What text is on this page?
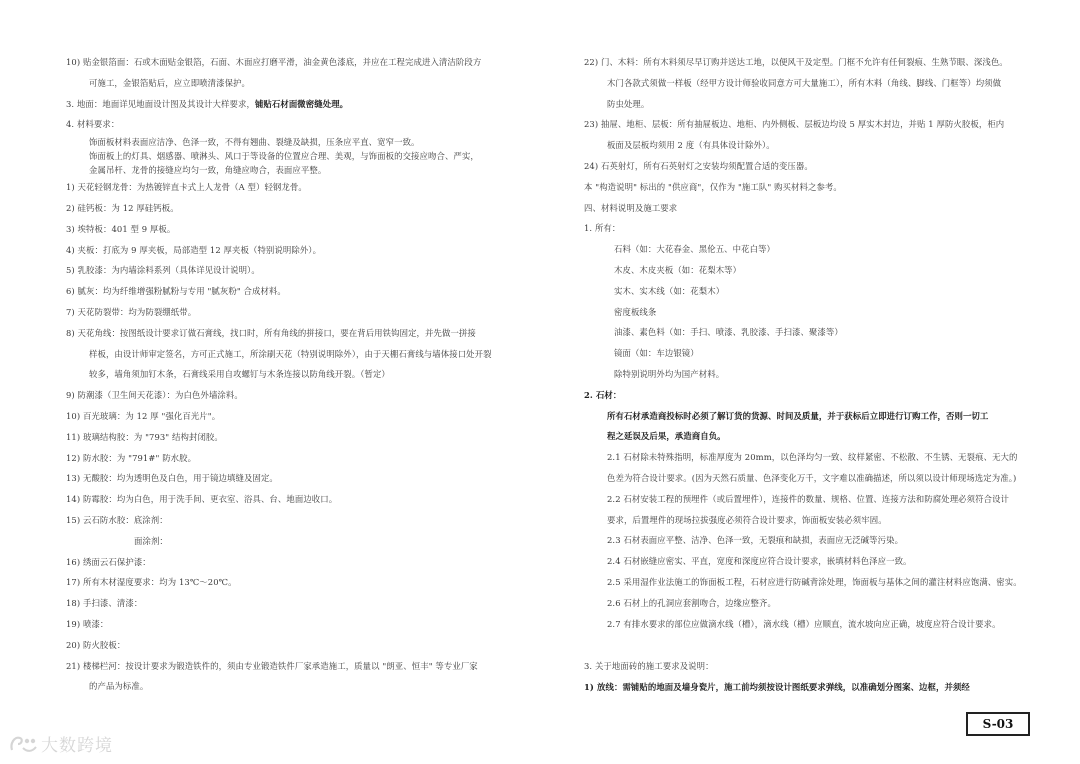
10) 贴金银箔面：石或木面贴金银箔，石面、木面应打磨平滑，油金黄色漆底，并应在工程完成进入清洁阶段方
可施工，金银箔贴后，应立即喷清漆保护。
3. 地面：地面详见地面设计图及其设计大样要求，铺贴石材面微密缝处理。
4. 材料要求：
饰面板材料表面应洁净、色泽一致，不得有翘曲、裂缝及缺损，压条应平直、宽窄一致。
饰面板上的灯具、烟感器、喷淋头、风口于等设备的位置应合理、美观，与饰面板的交接应吻合、严实，
金属吊杆、龙骨的接缝应均匀一致，角缝应吻合，表面应平整。
1) 天花轻钢龙骨：为热镀锌直卡式上人龙骨（A 型）轻钢龙骨。
2) 硅钙板：为 12 厚硅钙板。
3) 埃特板：401 型 9 厚板。
4) 夹板：打底为 9 厚夹板，局部造型 12 厚夹板（特别说明除外）。
5) 乳胶漆：为内墙涂料系列（具体详见设计说明）。
6) 腻灰：均为纤维增强粉腻粉与专用 "腻灰粉" 合成材料。
7) 天花防裂带：均为防裂绷纸带。
8) 天花角线：按图纸设计要求订做石膏线，找口时，所有角线的拼接口，要在背后用铁钩固定，并先做一拼接
样板，由设计师审定签名，方可正式施工，所涂刷天花（特别说明除外），由于天棚石膏线与墙体接口处开裂
较多，墙角须加钉木条，石膏线采用自攻螺钉与木条连接以防角线开裂。（暂定）
9) 防潮漆（卫生间天花漆）：为白色外墙涂料。
10) 百光玻璃：为 12 厚 "强化百光片"。
11) 玻璃结构胶：为 "793" 结构封闭胶。
12) 防水胶：为 "791#" 防水胶。
13) 无酸胶：均为透明色及白色，用于镜边填缝及固定。
14) 防霉胶：均为白色，用于洗手间、更衣室、浴具、台、地面边收口。
15) 云石防水胶：底涂剂：
面涂剂：
16) 绣面云石保护漆：
17) 所有木材湿度要求：均为 13℃～20℃。
18) 手扫漆、清漆：
19) 喷漆：
20) 防火胶板：
21) 楼梯栏河：按设计要求为锻造铁件的，须由专业锻造铁件厂家承造施工，质量以 "朗亚、恒丰" 等专业厂家
的产品为标准。
22) 门、木料：所有木料须尽早订购并送达工地，以便风干及定型。门框不允许有任何裂痕、生熟节眼、深浅色。
木门各款式须做一样板（经甲方设计师验收同意方可大量施工），所有木料（角线、脚线、门框等）均须做
防虫处理。
23) 抽屉、地柜、层板：所有抽屉板边、地柜、内外侧板、层板边均设 5 厚实木封边，并贴 1 厚防火胶板，柜内
板面及层板均须用 2 度（有具体设计除外）。
24) 石英射灯，所有石英射灯之安装均须配置合适的变压器。
本 "构造说明" 标出的 "供应商"，仅作为 "施工队" 购买材料之参考。
四、材料说明及施工要求
1. 所有：
石料（如：大花春金、黑伦五、中花白等）
木皮、木皮夹板（如：花梨木等）
实木、实木线（如：花梨木）
密度板线条
油漆、素色料（如：手扫、喷漆、乳胶漆、手扫漆、聚漆等）
镜面（如：车边银镜）
除特别说明外均为国产材料。
2. 石材：
所有石材承造商投标时必须了解订货的货源、时间及质量，并于获标后立即进行订购工作，否则一切工
程之延误及后果，承造商自负。
2.1 石材除未特殊指明，标准厚度为 20mm，以色泽均匀一致、纹样紧密、不松散、不生锈、无裂痕、无大的
色差为符合设计要求。(因为天然石质量、色泽变化万千，文字难以准确描述，所以须以设计师现场选定为准。)
2.2 石材安装工程的预埋件（或后置埋件），连接件的数量、规格、位置、连接方法和防腐处理必须符合设计
要求，后置埋件的现场拉拔强度必须符合设计要求，饰面板安装必须牢固。
2.3 石材表面应平整、洁净、色泽一致，无裂痕和缺损，表面应无泛碱等污染。
2.4 石材嵌缝应密实、平直，宽度和深度应符合设计要求，嵌填材料色泽应一致。
2.5 采用湿作业法施工的饰面板工程，石材应进行防碱背涂处理，饰面板与基体之间的灌注材料应饱满、密实。
2.6 石材上的孔洞应套割吻合，边缘应整齐。
2.7 有排水要求的部位应做滴水线（槽），滴水线（槽）应顺直，流水坡向应正确，坡度应符合设计要求。
3. 关于地面砖的施工要求及说明：
1) 放线：需铺贴的地面及墙身瓷片，施工前均须按设计图纸要求弹线，以准确划分图案、边框，并须经
S-03
大数跨境
